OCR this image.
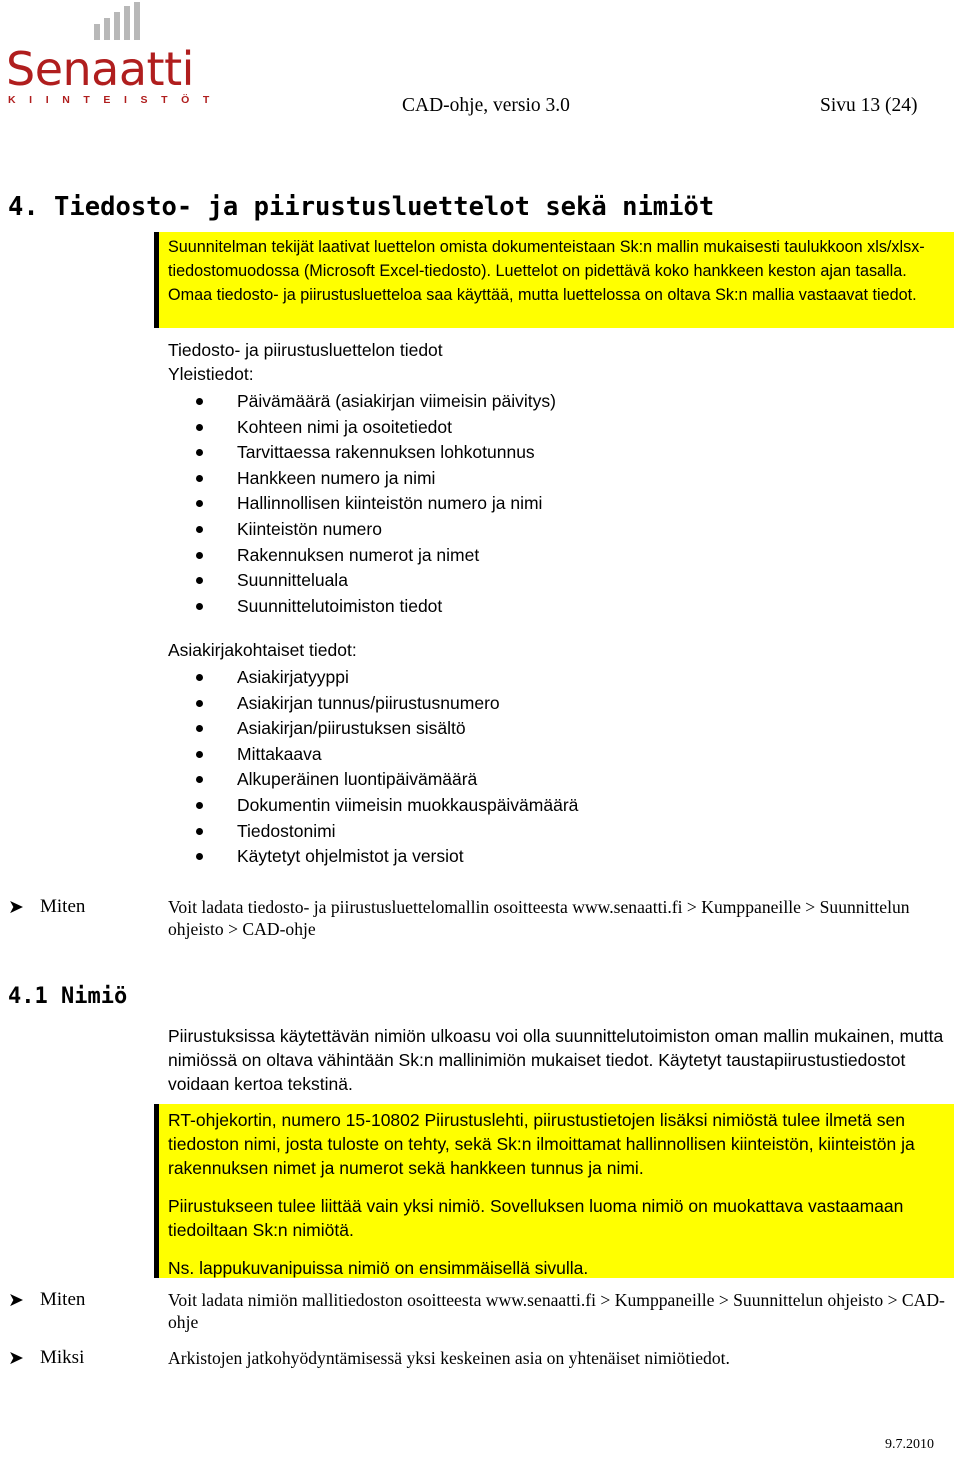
Senaatti
KIINTEISTÖT	CAD-ohje, versio 3.0	Sivu 13 (24)
4. Tiedosto- ja piirustusluettelot sekä nimiöt

Suunnitelman tekijät laativat luettelon omista dokumenteistaan Sk:n mallin mukaisesti taulukkoon xls/xlsx-tiedostomuodossa (Microsoft Excel-tiedosto). Luettelot on pidettävä koko hankkeen keston ajan tasalla. Omaa tiedosto- ja piirustusluetteloa saa käyttää, mutta luettelossa on oltava Sk:n mallia vastaavat tiedot.

Tiedosto- ja piirustusluettelon tiedot
Yleistiedot:
Päivämäärä (asiakirjan viimeisin päivitys)
Kohteen nimi ja osoitetiedot
Tarvittaessa rakennuksen lohkotunnus
Hankkeen numero ja nimi
Hallinnollisen kiinteistön numero ja nimi
Kiinteistön numero
Rakennuksen numerot ja nimet
Suunnitteluala
Suunnittelutoimiston tiedot
Asiakirjakohtaiset tiedot:
Asiakirjatyyppi
Asiakirjan tunnus/piirustusnumero
Asiakirjan/piirustuksen sisältö
Mittakaava
Alkuperäinen luontipäivämäärä
Dokumentin viimeisin muokkauspäivämäärä
Tiedostonimi
Käytetyt ohjelmistot ja versiot
➤ Miten	Voit ladata tiedosto- ja piirustusluettelomallin osoitteesta www.senaatti.fi > Kumppaneille > Suunnittelun ohjeisto > CAD-ohje
4.1 Nimiö
Piirustuksissa käytettävän nimiön ulkoasu voi olla suunnittelutoimiston oman mallin mukainen, mutta nimiössä on oltava vähintään Sk:n mallinimiön mukaiset tiedot. Käytetyt taustapiirustustiedostot voidaan kertoa tekstinä.

RT-ohjekortin, numero 15-10802 Piirustuslehti, piirustustietojen lisäksi nimiöstä tulee ilmetä sen tiedoston nimi, josta tuloste on tehty, sekä Sk:n ilmoittamat hallinnollisen kiinteistön, kiinteistön ja rakennuksen nimet ja numerot sekä hankkeen tunnus ja nimi.

Piirustukseen tulee liittää vain yksi nimiö. Sovelluksen luoma nimiö on muokattava vastaamaan tiedoiltaan Sk:n nimiötä.

Ns. lappukuvanipuissa nimiö on ensimmäisellä sivulla.

➤ Miten	Voit ladata nimiön mallitiedoston osoitteesta www.senaatti.fi > Kumppaneille > Suunnittelun ohjeisto > CAD-ohje
➤ Miksi	Arkistojen jatkohyödyntämisessä yksi keskeinen asia on yhtenäiset nimiötiedot.
9.7.2010
